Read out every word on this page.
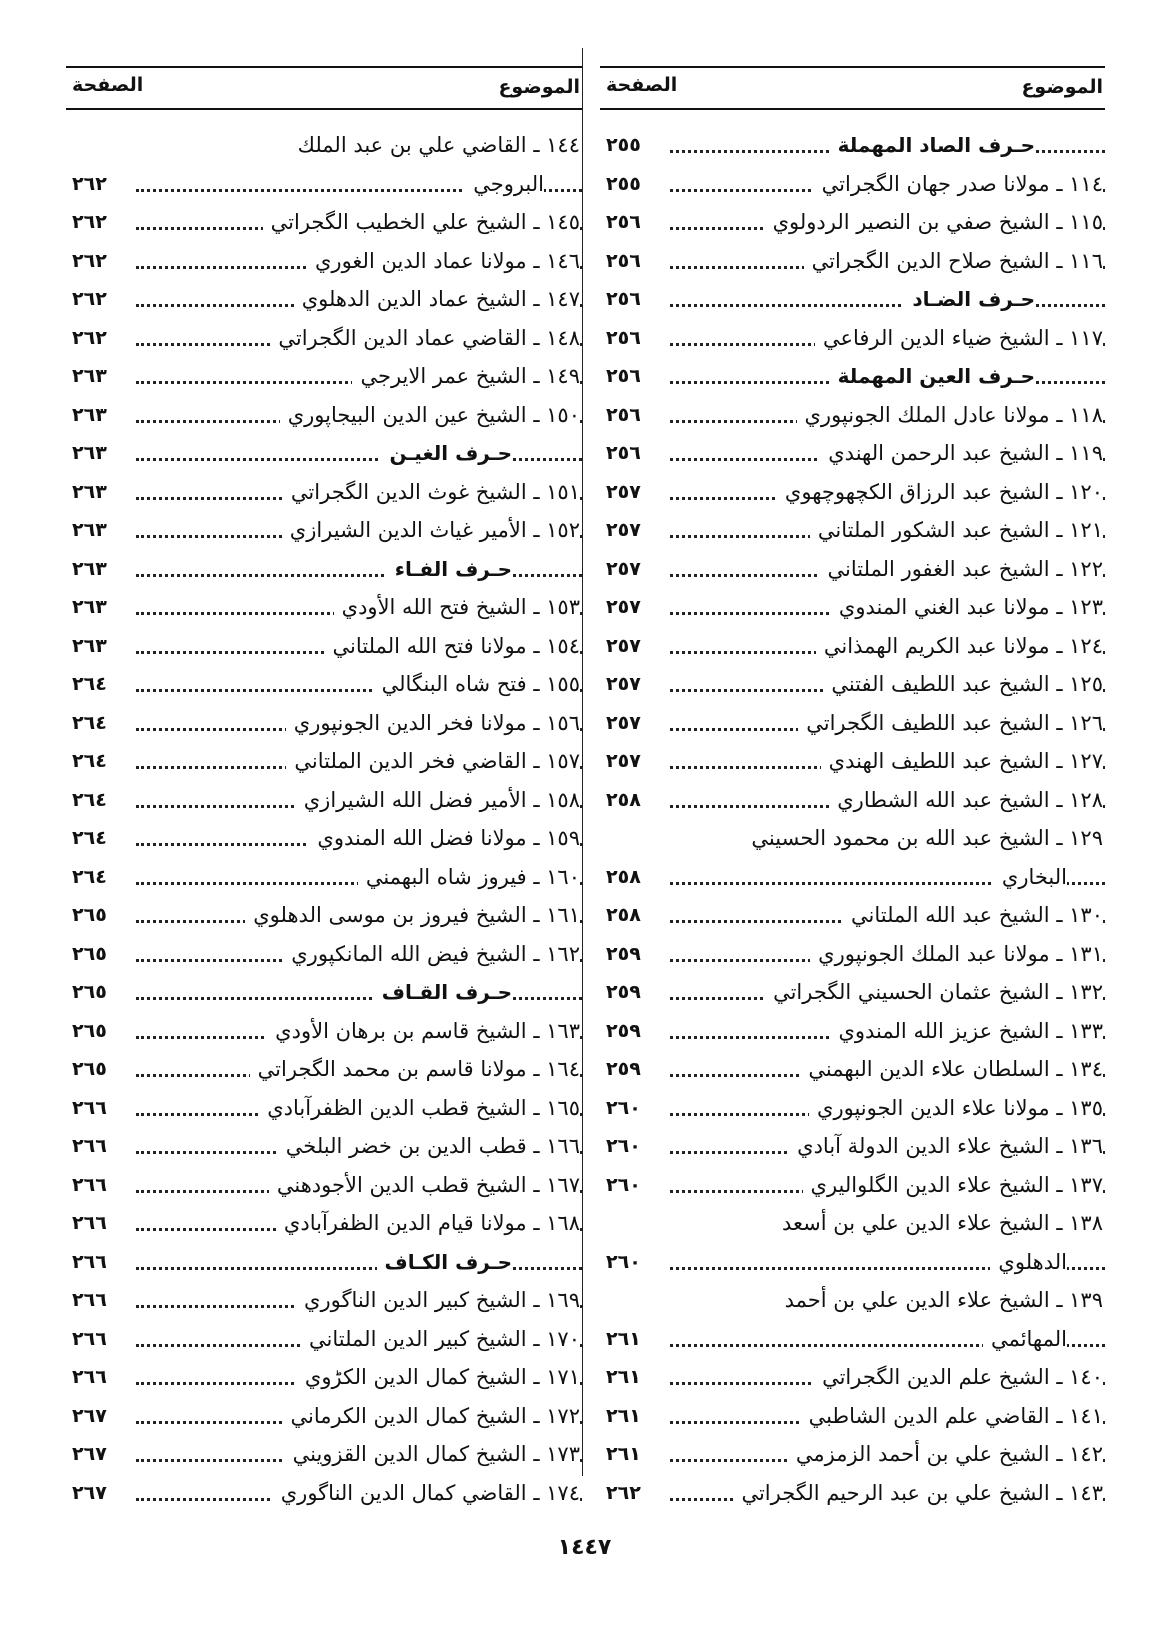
الموضوع
الصفحة
حـرف الصاد المهملة
٢٥٥
١١٤ ـ مولانا صدر جهان الگجراتي
٢٥٥
١١٥ ـ الشيخ صفي بن النصير الردولوي
٢٥٦
١١٦ ـ الشيخ صلاح الدين الگجراتي
٢٥٦
حـرف الضـاد
٢٥٦
١١٧ ـ الشيخ ضياء الدين الرفاعي
٢٥٦
حـرف العين المهملة
٢٥٦
١١٨ ـ مولانا عادل الملك الجونپوري
٢٥٦
١١٩ ـ الشيخ عبد الرحمن الهندي
٢٥٦
١٢٠ ـ الشيخ عبد الرزاق الكچهوچهوي
٢٥٧
١٢١ ـ الشيخ عبد الشكور الملتاني
٢٥٧
١٢٢ ـ الشيخ عبد الغفور الملتاني
٢٥٧
١٢٣ ـ مولانا عبد الغني المندوي
٢٥٧
١٢٤ ـ مولانا عبد الكريم الهمذاني
٢٥٧
١٢٥ ـ الشيخ عبد اللطيف الفتني
٢٥٧
١٢٦ ـ الشيخ عبد اللطيف الگجراتي
٢٥٧
١٢٧ ـ الشيخ عبد اللطيف الهندي
٢٥٧
١٢٨ ـ الشيخ عبد الله الشطاري
٢٥٨
١٢٩ ـ الشيخ عبد الله بن محمود الحسيني
البخاري
٢٥٨
١٣٠ ـ الشيخ عبد الله الملتاني
٢٥٨
١٣١ ـ مولانا عبد الملك الجونپوري
٢٥٩
١٣٢ ـ الشيخ عثمان الحسيني الگجراتي
٢٥٩
١٣٣ ـ الشيخ عزيز الله المندوي
٢٥٩
١٣٤ ـ السلطان علاء الدين البهمني
٢٥٩
١٣٥ ـ مولانا علاء الدين الجونپوري
٢٦٠
١٣٦ ـ الشيخ علاء الدين الدولة آبادي
٢٦٠
١٣٧ ـ الشيخ علاء الدين الگلواليري
٢٦٠
١٣٨ ـ الشيخ علاء الدين علي بن أسعد
الدهلوي
٢٦٠
١٣٩ ـ الشيخ علاء الدين علي بن أحمد
المهائمي
٢٦١
١٤٠ ـ الشيخ علم الدين الگجراتي
٢٦١
١٤١ ـ القاضي علم الدين الشاطبي
٢٦١
١٤٢ ـ الشيخ علي بن أحمد الزمزمي
٢٦١
١٤٣ ـ الشيخ علي بن عبد الرحيم الگجراتي
٢٦٢
الموضوع
الصفحة
١٤٤ ـ القاضي علي بن عبد الملك
البروجي
٢٦٢
١٤٥ ـ الشيخ علي الخطيب الگجراتي
٢٦٢
١٤٦ ـ مولانا عماد الدين الغوري
٢٦٢
١٤٧ ـ الشيخ عماد الدين الدهلوي
٢٦٢
١٤٨ ـ القاضي عماد الدين الگجراتي
٢٦٢
١٤٩ ـ الشيخ عمر الايرجي
٢٦٣
١٥٠ ـ الشيخ عين الدين البيجاپوري
٢٦٣
حـرف الغيـن
٢٦٣
١٥١ ـ الشيخ غوث الدين الگجراتي
٢٦٣
١٥٢ ـ الأمير غياث الدين الشيرازي
٢٦٣
حـرف الفـاء
٢٦٣
١٥٣ ـ الشيخ فتح الله الأودي
٢٦٣
١٥٤ ـ مولانا فتح الله الملتاني
٢٦٣
١٥٥ ـ فتح شاه البنگالي
٢٦٤
١٥٦ ـ مولانا فخر الدين الجونپوري
٢٦٤
١٥٧ ـ القاضي فخر الدين الملتاني
٢٦٤
١٥٨ ـ الأمير فضل الله الشيرازي
٢٦٤
١٥٩ ـ مولانا فضل الله المندوي
٢٦٤
١٦٠ ـ فيروز شاه البهمني
٢٦٤
١٦١ ـ الشيخ فيروز بن موسى الدهلوي
٢٦٥
١٦٢ ـ الشيخ فيض الله المانكپوري
٢٦٥
حـرف القـاف
٢٦٥
١٦٣ ـ الشيخ قاسم بن برهان الأودي
٢٦٥
١٦٤ ـ مولانا قاسم بن محمد الگجراتي
٢٦٥
١٦٥ ـ الشيخ قطب الدين الظفرآبادي
٢٦٦
١٦٦ ـ قطب الدين بن خضر البلخي
٢٦٦
١٦٧ ـ الشيخ قطب الدين الأجودهني
٢٦٦
١٦٨ ـ مولانا قيام الدين الظفرآبادي
٢٦٦
حـرف الكـاف
٢٦٦
١٦٩ ـ الشيخ كبير الدين الناگوري
٢٦٦
١٧٠ ـ الشيخ كبير الدين الملتاني
٢٦٦
١٧١ ـ الشيخ كمال الدين الكڑوي
٢٦٦
١٧٢ ـ الشيخ كمال الدين الكرماني
٢٦٧
١٧٣ ـ الشيخ كمال الدين القزويني
٢٦٧
١٧٤ ـ القاضي كمال الدين الناگوري
٢٦٧
١٤٤٧
